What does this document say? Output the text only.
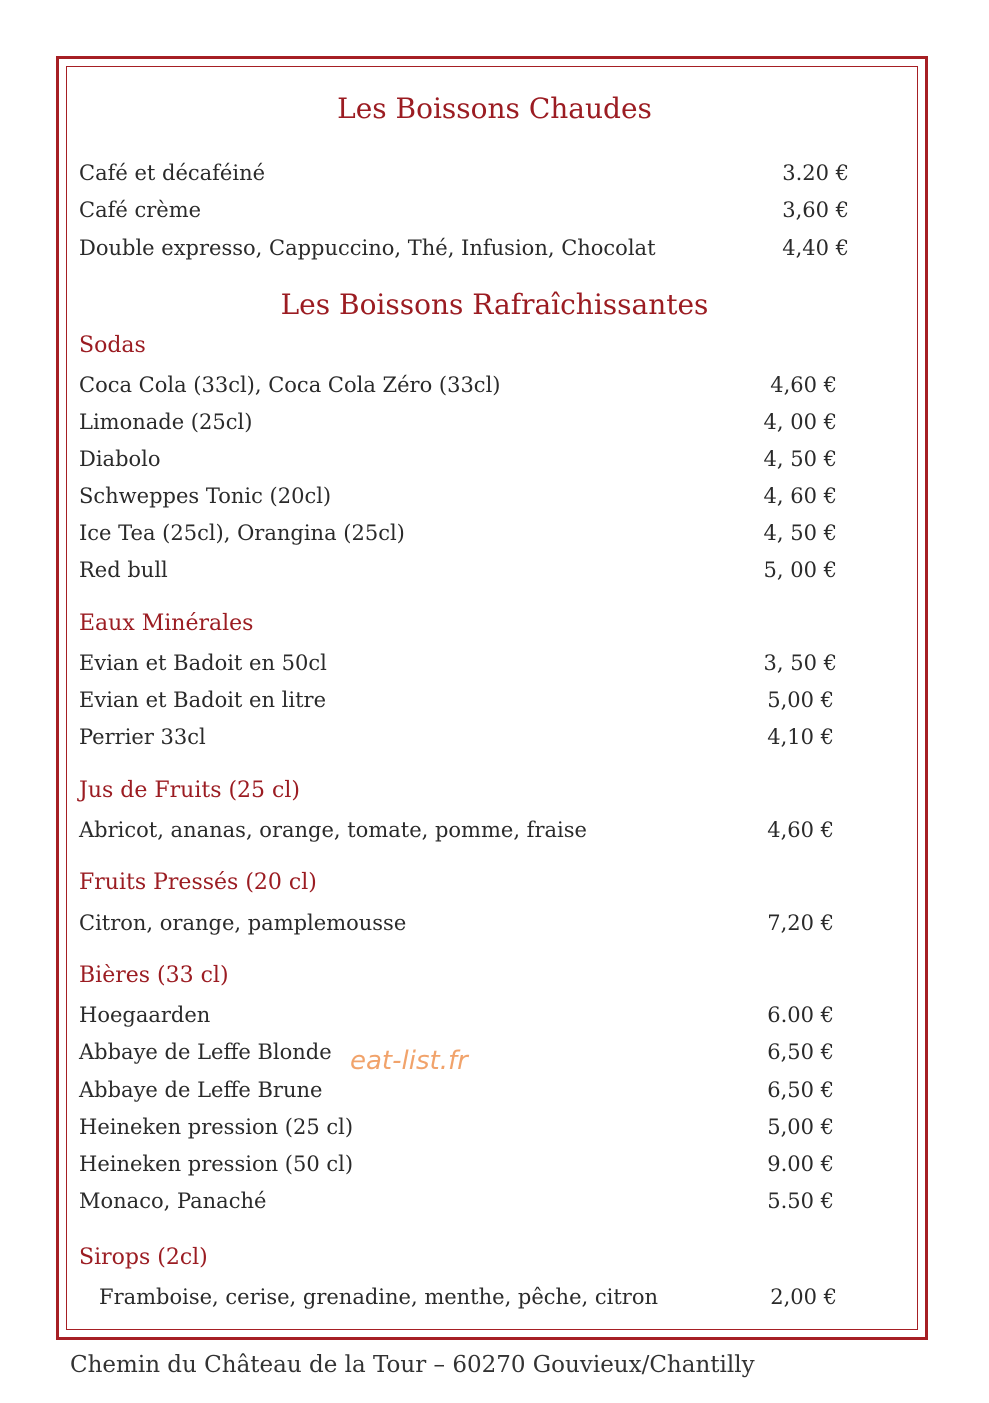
Les Boissons Chaudes
Café et décaféiné	3.20 €
Café crème	3,60 €
Double expresso, Cappuccino, Thé, Infusion, Chocolat	4,40 €
Les Boissons Rafraîchissantes
Sodas
Coca Cola (33cl), Coca Cola Zéro (33cl)	4,60 €
Limonade (25cl)	4, 00 €
Diabolo	4, 50 €
Schweppes Tonic (20cl)	4, 60 €
Ice Tea (25cl), Orangina (25cl)	4, 50 €
Red bull	5, 00 €
Eaux Minérales
Evian et Badoit en 50cl	3, 50 €
Evian et Badoit en litre	5,00 €
Perrier 33cl	4,10 €
Jus de Fruits (25 cl)
Abricot, ananas, orange, tomate, pomme, fraise	4,60 €
Fruits Pressés (20 cl)
Citron, orange, pamplemousse	7,20 €
Bières (33 cl)
Hoegaarden	6.00 €
Abbaye de Leffe Blonde	6,50 €
Abbaye de Leffe Brune	6,50 €
Heineken pression (25 cl)	5,00 €
Heineken pression (50 cl)	9.00 €
Monaco, Panaché	5.50 €
Sirops (2cl)
Framboise, cerise, grenadine, menthe, pêche, citron	2,00 €
eat-list.fr
Chemin du Château de la Tour – 60270 Gouvieux/Chantilly
